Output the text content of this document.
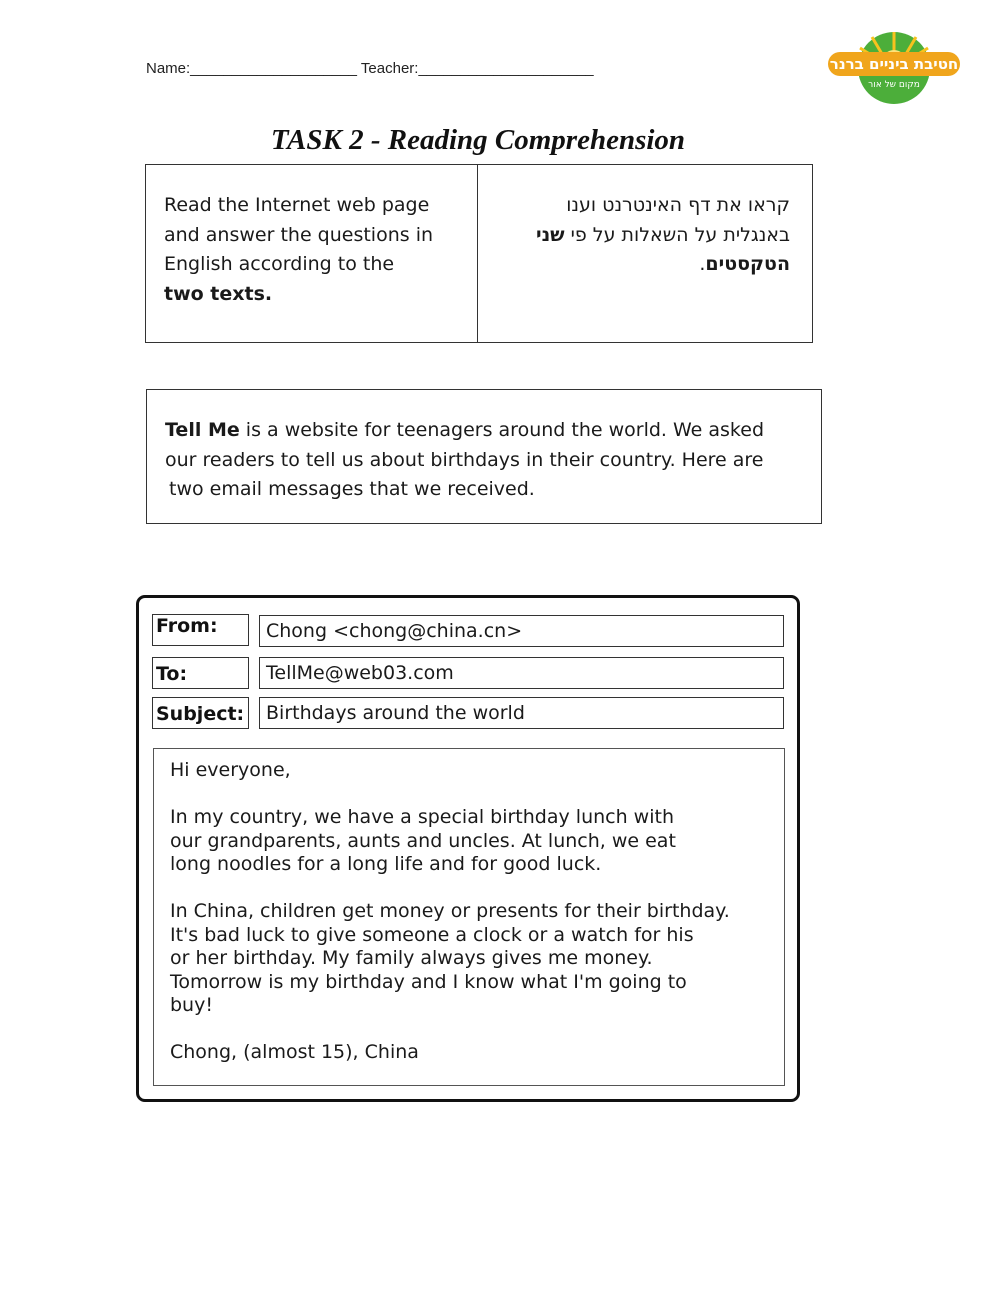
Name:____________________ Teacher:_____________________	חטיבת ביניים ברנר
מקום של אור
TASK 2 - Reading Comprehension
Read the Internet web page and answer the questions in English according to the
two texts.
קראו את דף האינטרנט וענו באנגלית על השאלות על פי שני הטקסטים.
Tell Me is a website for teenagers around the world. We asked
our readers to tell us about birthdays in their country. Here are
two email messages that we received.
From:	Chong <chong@china.cn>
To:	TellMe@web03.com
Subject:	Birthdays around the world
Hi everyone,
In my country, we have a special birthday lunch with
our grandparents, aunts and uncles. At lunch, we eat
long noodles for a long life and for good luck.
In China, children get money or presents for their birthday.
It's bad luck to give someone a clock or a watch for his
or her birthday. My family always gives me money.
Tomorrow is my birthday and I know what I'm going to
buy!
Chong, (almost 15), China
